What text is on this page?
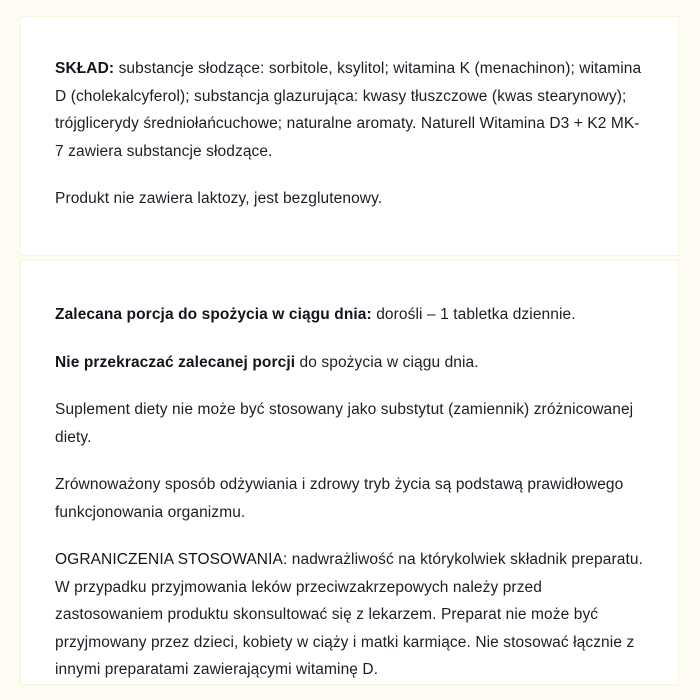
SKŁAD: substancje słodzące: sorbitole, ksylitol; witamina K (menachinon); witamina D (cholekalcyferol); substancja glazurująca: kwasy tłuszczowe (kwas stearynowy); trójglicerydy średniołańcuchowe; naturalne aromaty. Naturell Witamina D3 + K2 MK-7 zawiera substancje słodzące.

Produkt nie zawiera laktozy, jest bezglutenowy.

Zalecana porcja do spożycia w ciągu dnia: dorośli – 1 tabletka dziennie.

Nie przekraczać zalecanej porcji do spożycia w ciągu dnia.

Suplement diety nie może być stosowany jako substytut (zamiennik) zróżnicowanej diety.

Zrównoważony sposób odżywiania i zdrowy tryb życia są podstawą prawidłowego funkcjonowania organizmu.

OGRANICZENIA STOSOWANIA: nadwrażliwość na którykolwiek składnik preparatu. W przypadku przyjmowania leków przeciwzakrzepowych należy przed zastosowaniem produktu skonsultować się z lekarzem. Preparat nie może być przyjmowany przez dzieci, kobiety w ciąży i matki karmiące. Nie stosować łącznie z innymi preparatami zawierającymi witaminę D.
